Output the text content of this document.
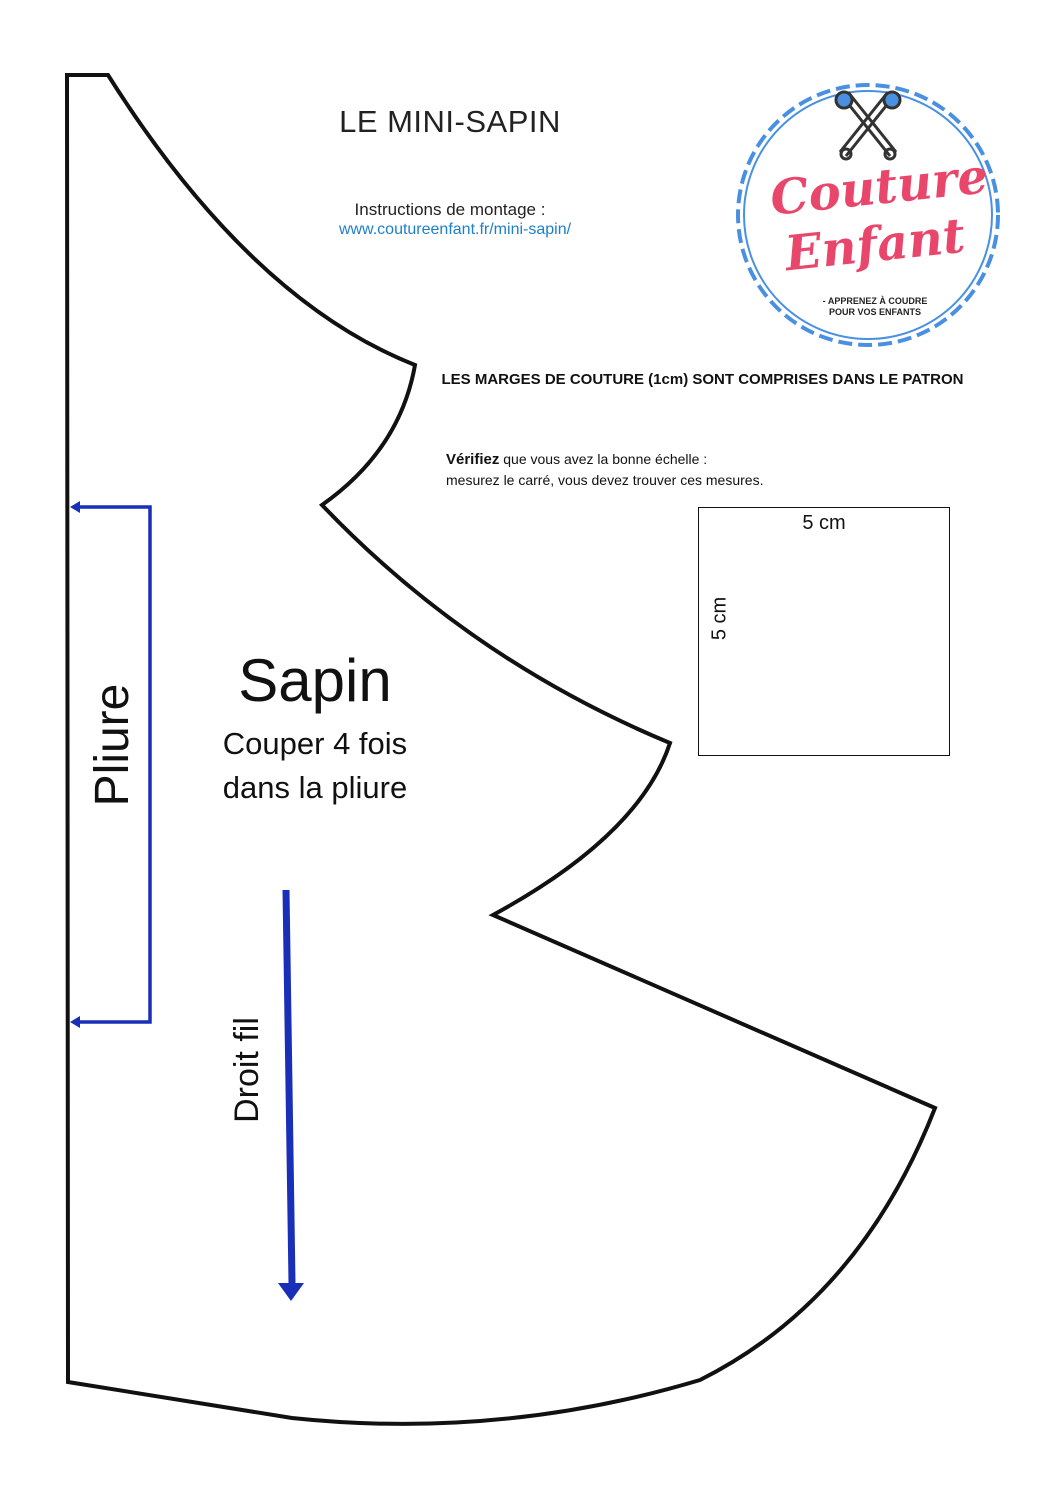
LE MINI-SAPIN
Instructions de montage :
www.coutureenfant.fr/mini-sapin/
Couture
Enfant
- APPRENEZ À COUDRE
POUR VOS ENFANTS
LES MARGES DE COUTURE (1cm) SONT COMPRISES DANS LE PATRON
Vérifiez que vous avez la bonne échelle :
mesurez le carré, vous devez trouver ces mesures.
5 cm
5 cm
Sapin
Couper 4 fois
dans la pliure
Pliure
Droit fil
